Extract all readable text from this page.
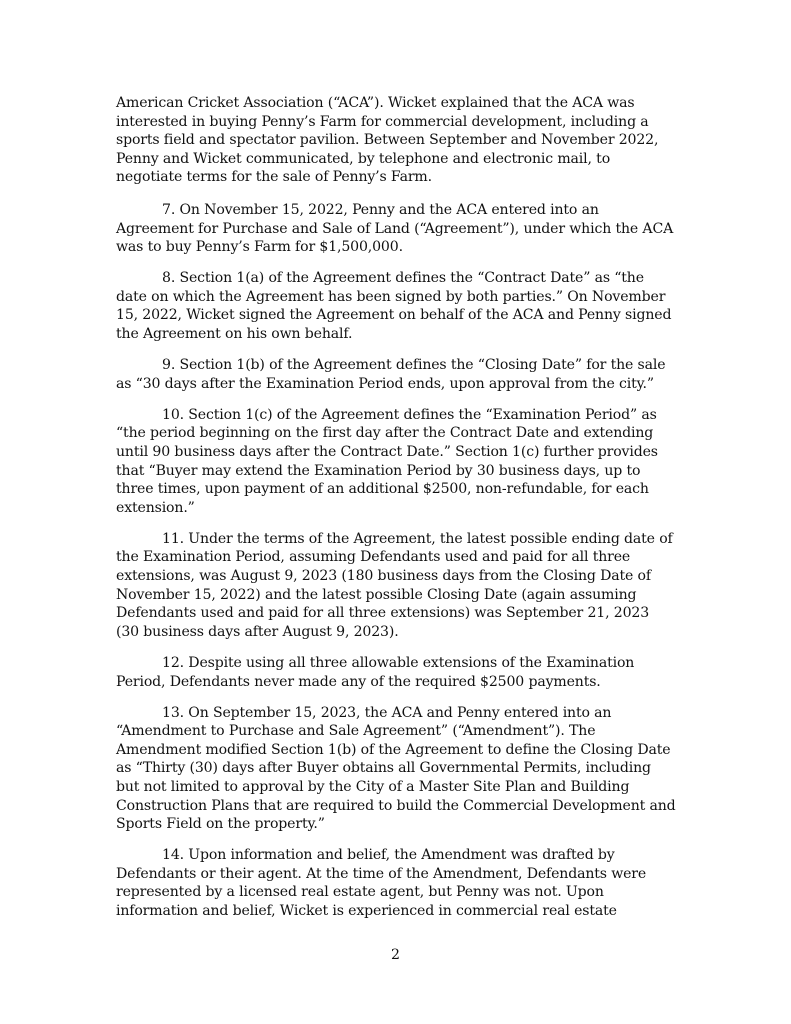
American Cricket Association (“ACA”). Wicket explained that the ACA was interested in buying Penny’s Farm for commercial development, including a sports field and spectator pavilion. Between September and November 2022, Penny and Wicket communicated, by telephone and electronic mail, to negotiate terms for the sale of Penny’s Farm.

7. On November 15, 2022, Penny and the ACA entered into an Agreement for Purchase and Sale of Land (“Agreement”), under which the ACA was to buy Penny’s Farm for $1,500,000.

8. Section 1(a) of the Agreement defines the “Contract Date” as “the date on which the Agreement has been signed by both parties.” On November 15, 2022, Wicket signed the Agreement on behalf of the ACA and Penny signed the Agreement on his own behalf.

9. Section 1(b) of the Agreement defines the “Closing Date” for the sale as “30 days after the Examination Period ends, upon approval from the city.”

10. Section 1(c) of the Agreement defines the “Examination Period” as “the period beginning on the first day after the Contract Date and extending until 90 business days after the Contract Date.” Section 1(c) further provides that “Buyer may extend the Examination Period by 30 business days, up to three times, upon payment of an additional $2500, non-refundable, for each extension.”

11. Under the terms of the Agreement, the latest possible ending date of the Examination Period, assuming Defendants used and paid for all three extensions, was August 9, 2023 (180 business days from the Closing Date of November 15, 2022) and the latest possible Closing Date (again assuming Defendants used and paid for all three extensions) was September 21, 2023 (30 business days after August 9, 2023).

12. Despite using all three allowable extensions of the Examination Period, Defendants never made any of the required $2500 payments.

13. On September 15, 2023, the ACA and Penny entered into an “Amendment to Purchase and Sale Agreement” (“Amendment”). The Amendment modified Section 1(b) of the Agreement to define the Closing Date as “Thirty (30) days after Buyer obtains all Governmental Permits, including but not limited to approval by the City of a Master Site Plan and Building Construction Plans that are required to build the Commercial Development and Sports Field on the property.”

14. Upon information and belief, the Amendment was drafted by Defendants or their agent. At the time of the Amendment, Defendants were represented by a licensed real estate agent, but Penny was not. Upon information and belief, Wicket is experienced in commercial real estate

2
